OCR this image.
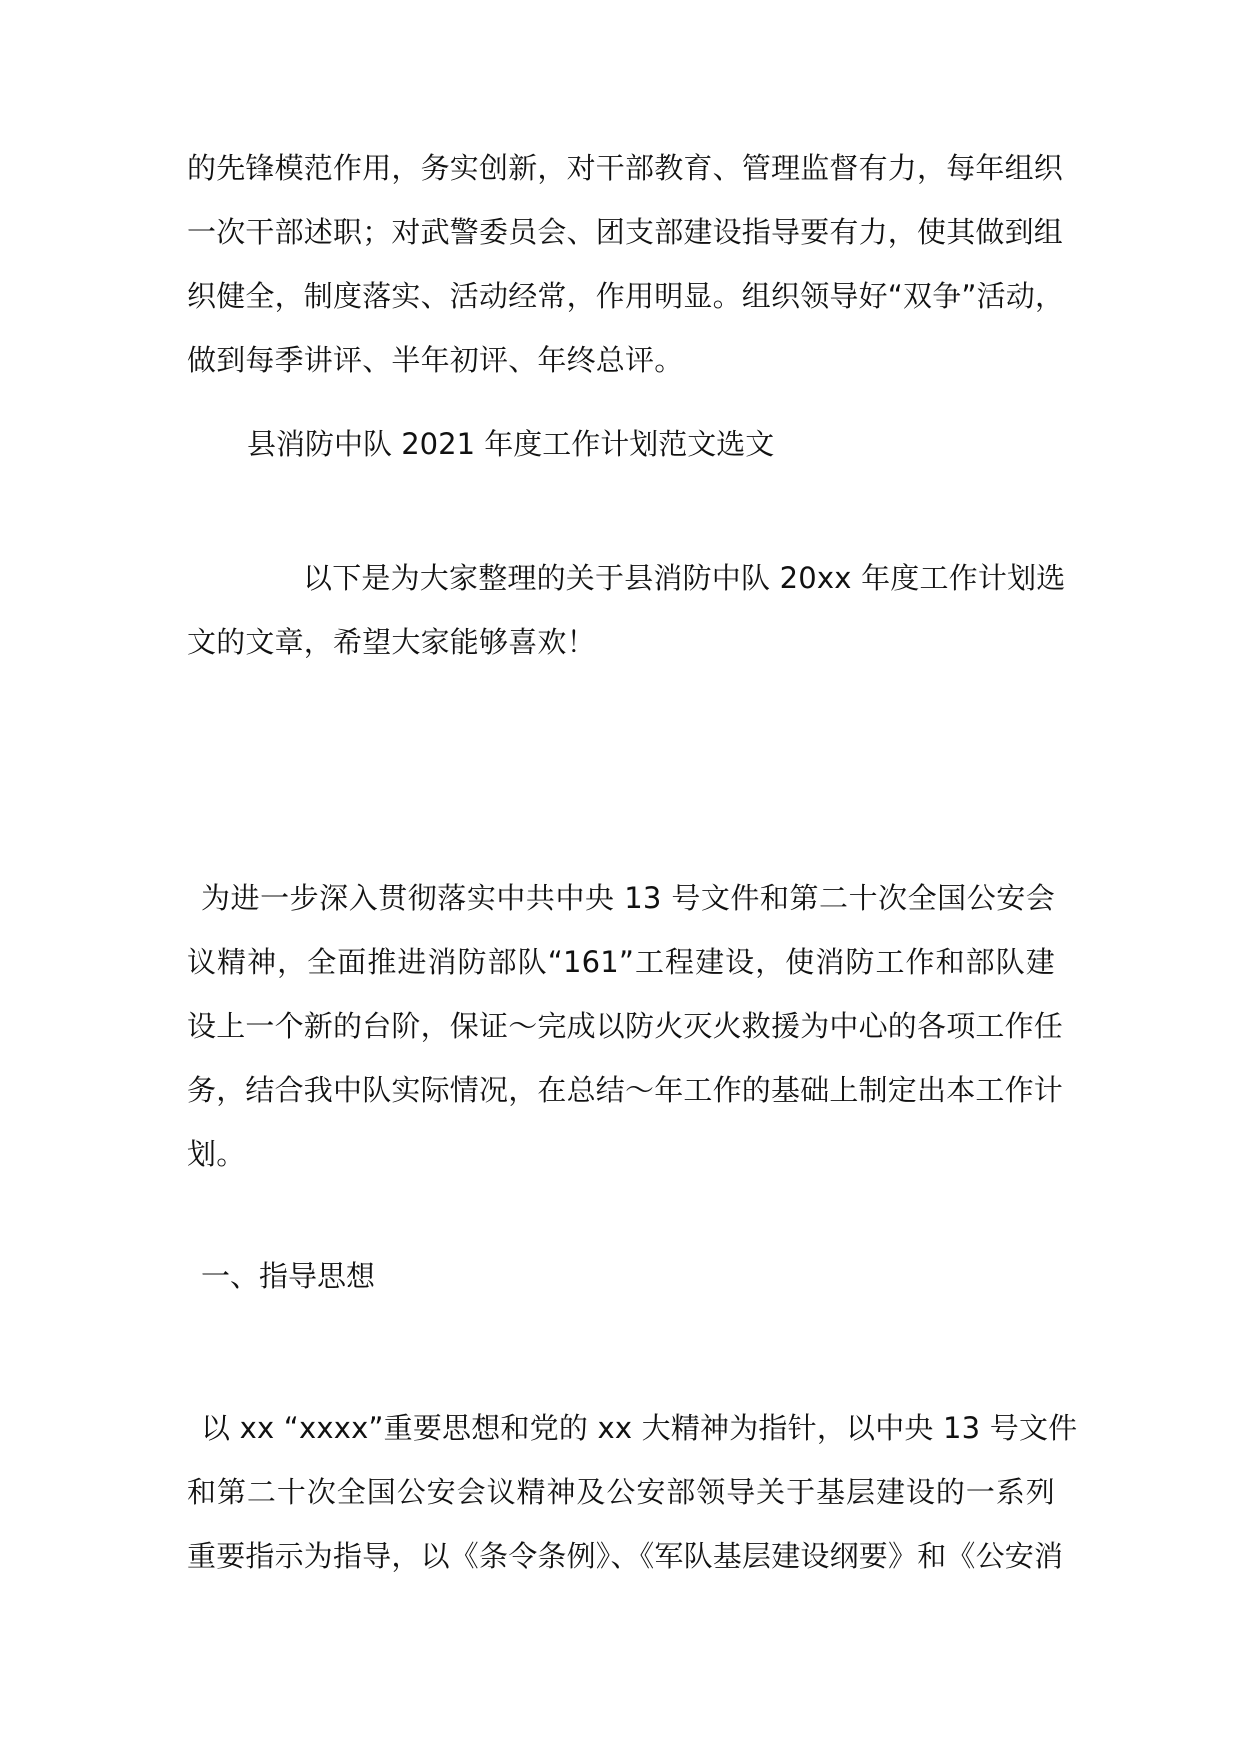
的先锋模范作用，务实创新，对干部教育、管理监督有力，每年组织
一次干部述职；对武警委员会、团支部建设指导要有力，使其做到组
织健全，制度落实、活动经常，作用明显。组织领导好“双争”活动，
做到每季讲评、半年初评、年终总评。
县消防中队 2021 年度工作计划范文选文
以下是为大家整理的关于县消防中队 20xx 年度工作计划选
文的文章，希望大家能够喜欢！
为进一步深入贯彻落实中共中央 13 号文件和第二十次全国公安会
议精神，全面推进消防部队“161”工程建设，使消防工作和部队建
设上一个新的台阶，保证～完成以防火灭火救援为中心的各项工作任
务，结合我中队实际情况，在总结～年工作的基础上制定出本工作计
划。
一、指导思想
以 xx “xxxx”重要思想和党的 xx 大精神为指针，以中央 13 号文件
和第二十次全国公安会议精神及公安部领导关于基层建设的一系列
重要指示为指导，以《条令条例》、《军队基层建设纲要》和《公安消
